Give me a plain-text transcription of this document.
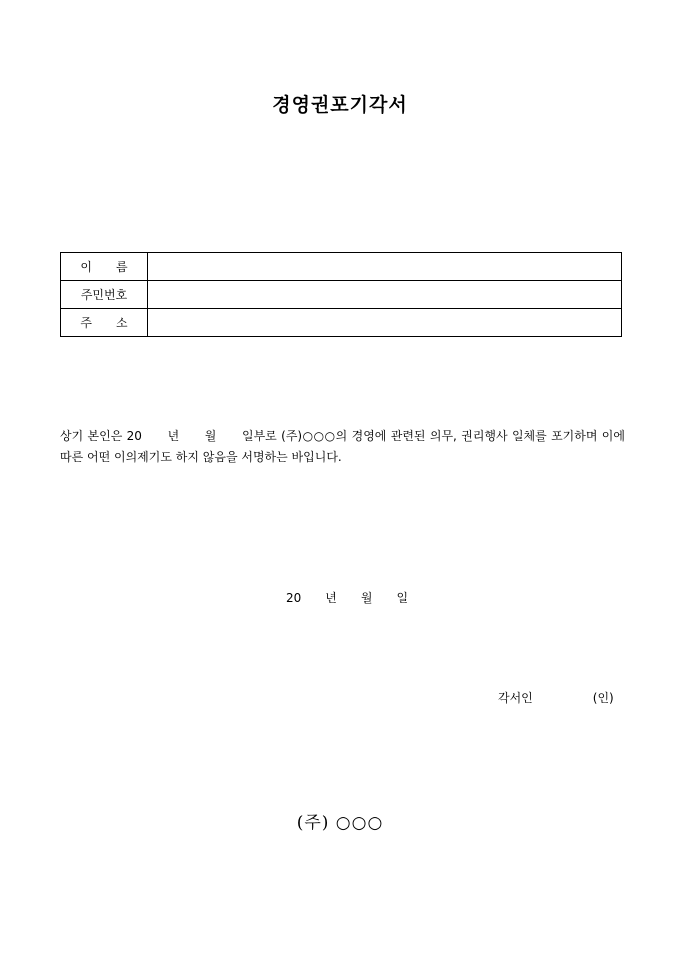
경영권포기각서
이　　름	
주민번호	
주　　소	
상기 본인은 20　　년　　월　　일부로 (주)○○○의 경영에 관련된 의무, 권리행사 일체를 포기하며 이에 따른 어떤 이의제기도 하지 않음을 서명하는 바입니다.
20　　년　　월　　일
각서인　　　　　(인)
(주) ○○○
